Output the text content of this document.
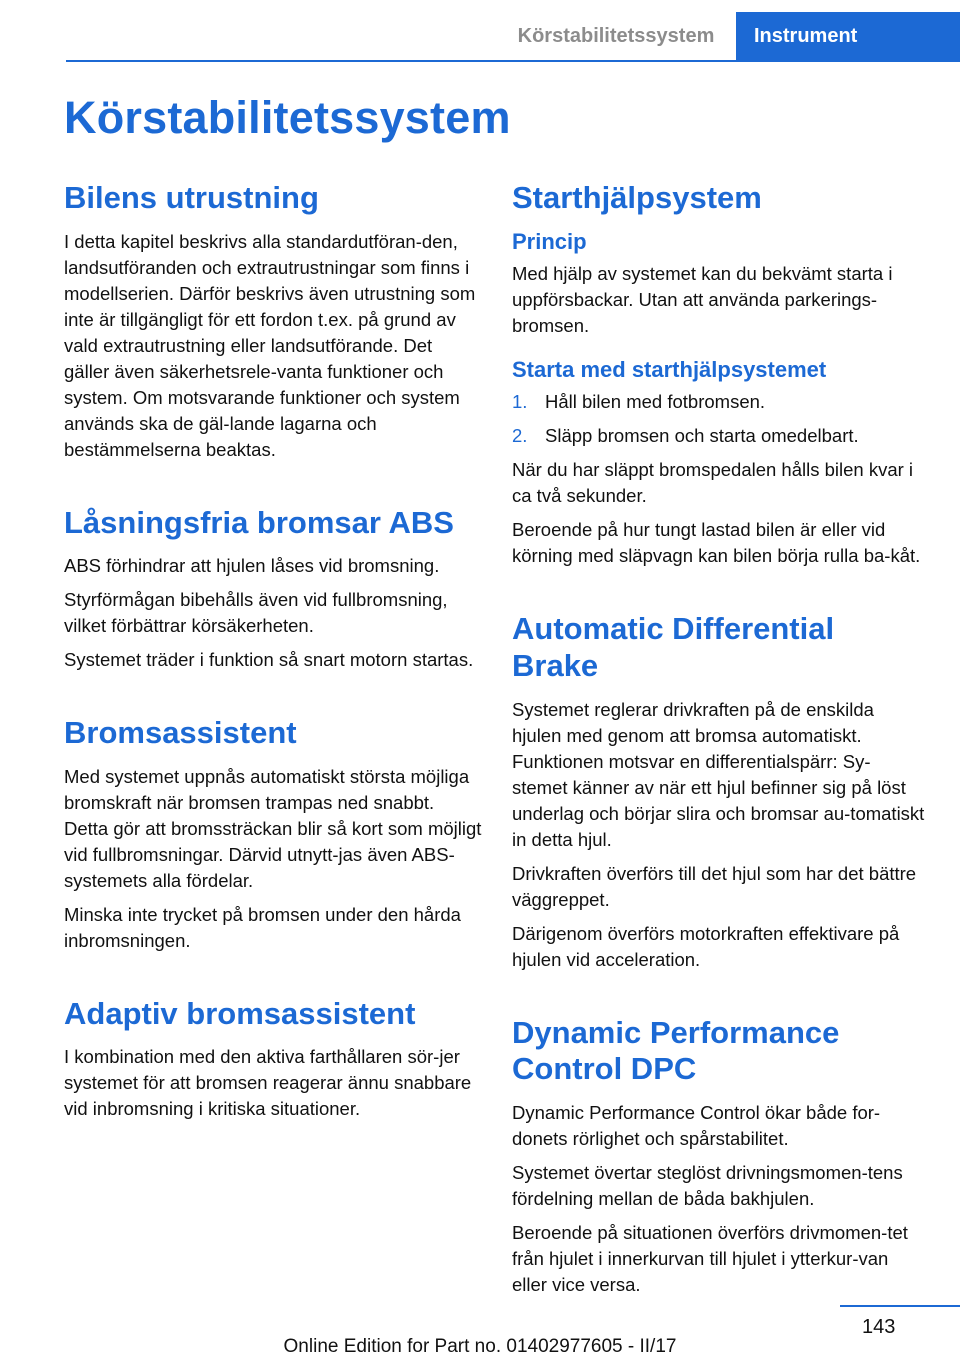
Körstabilitetssystem	Instrument
Körstabilitetssystem
Bilens utrustning

I detta kapitel beskrivs alla standardutföran-den, landsutföranden och extrautrustningar som finns i modellserien. Därför beskrivs även utrustning som inte är tillgängligt för ett fordon t.ex. på grund av vald extrautrustning eller landsutförande. Det gäller även säkerhetsrele-vanta funktioner och system. Om motsvarande funktioner och system används ska de gäl-lande lagarna och bestämmelserna beaktas.

Låsningsfria bromsar ABS

ABS förhindrar att hjulen låses vid bromsning.

Styrförmågan bibehålls även vid fullbromsning, vilket förbättrar körsäkerheten.

Systemet träder i funktion så snart motorn startas.

Bromsassistent

Med systemet uppnås automatiskt största möjliga bromskraft när bromsen trampas ned snabbt. Detta gör att bromssträckan blir så kort som möjligt vid fullbromsningar. Därvid utnytt-jas även ABS-systemets alla fördelar.

Minska inte trycket på bromsen under den hårda inbromsningen.

Adaptiv bromsassistent

I kombination med den aktiva farthållaren sör-jer systemet för att bromsen reagerar ännu snabbare vid inbromsning i kritiska situationer.

Starthjälpsystem
Princip

Med hjälp av systemet kan du bekvämt starta i uppförsbackar. Utan att använda parkerings-bromsen.

Starta med starthjälpsystemet
1. Håll bilen med fotbromsen.
2. Släpp bromsen och starta omedelbart.

När du har släppt bromspedalen hålls bilen kvar i ca två sekunder.

Beroende på hur tungt lastad bilen är eller vid körning med släpvagn kan bilen börja rulla ba-kåt.

Automatic Differential Brake

Systemet reglerar drivkraften på de enskilda hjulen med genom att bromsa automatiskt. Funktionen motsvar en differentialspärr: Sy-stemet känner av när ett hjul befinner sig på löst underlag och börjar slira och bromsar au-tomatiskt in detta hjul.

Drivkraften överförs till det hjul som har det bättre väggreppet.

Därigenom överförs motorkraften effektivare på hjulen vid acceleration.

Dynamic Performance Control DPC

Dynamic Performance Control ökar både for-donets rörlighet och spårstabilitet.

Systemet övertar steglöst drivningsmomen-tens fördelning mellan de båda bakhjulen.

Beroende på situationen överförs drivmomen-tet från hjulet i innerkurvan till hjulet i ytterkur-van eller vice versa.

143
Online Edition for Part no. 01402977605 - II/17
